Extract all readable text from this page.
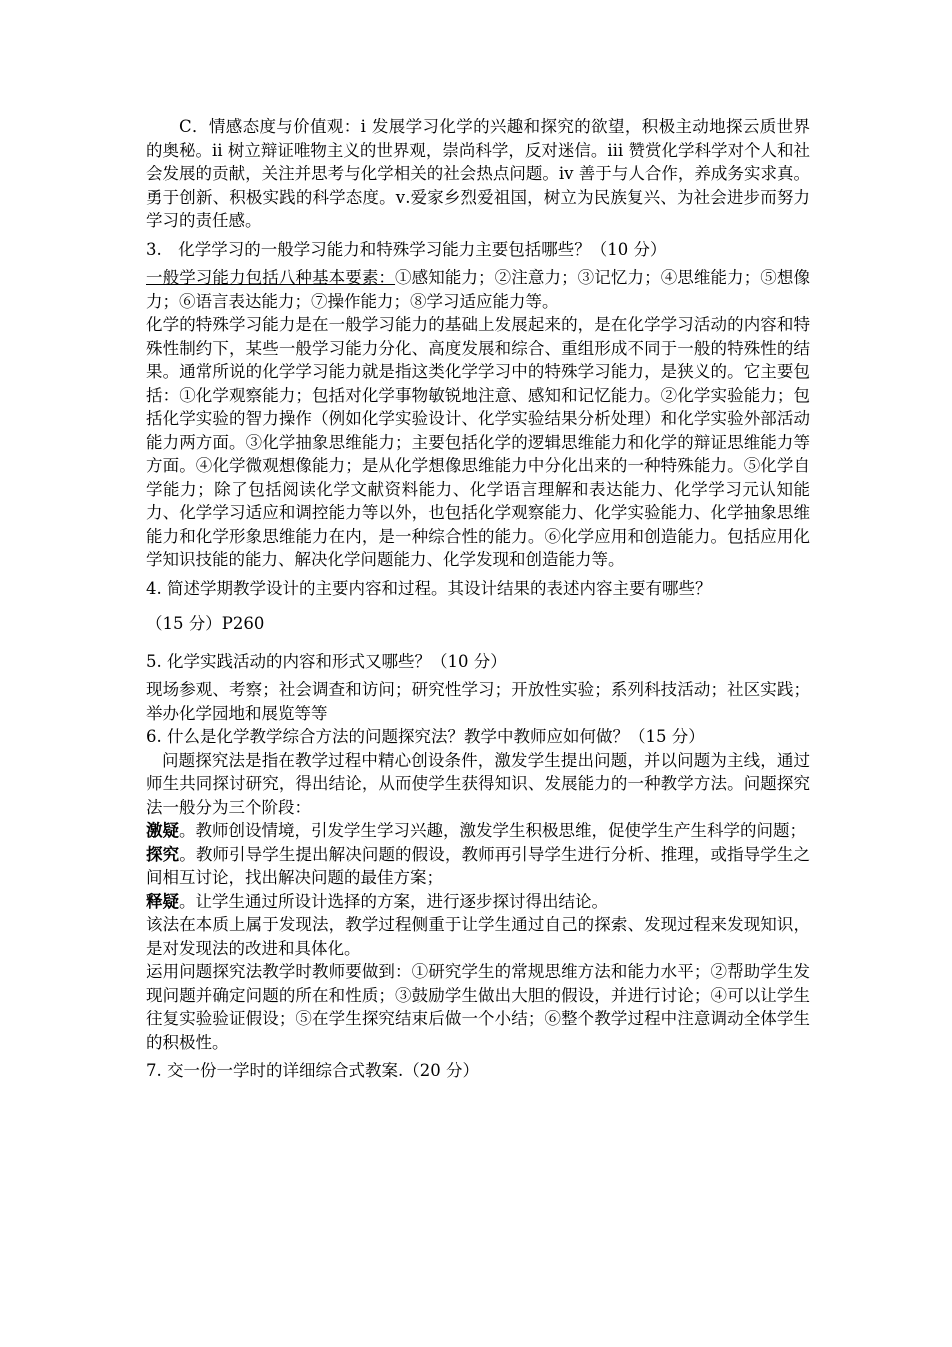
C．情感态度与价值观：ⅰ 发展学习化学的兴趣和探究的欲望，积极主动地探云质世界的奥秘。ⅱ 树立辩证唯物主义的世界观，崇尚科学，反对迷信。ⅲ 赞赏化学科学对个人和社会发展的贡献，关注并思考与化学相关的社会热点问题。ⅳ 善于与人合作，养成务实求真。勇于创新、积极实践的科学态度。ⅴ.爱家乡烈爱祖国，树立为民族复兴、为社会进步而努力学习的责任感。

3.　化学学习的一般学习能力和特殊学习能力主要包括哪些？（10 分）

一般学习能力包括八种基本要素：①感知能力；②注意力；③记忆力；④思维能力；⑤想像力；⑥语言表达能力；⑦操作能力；⑧学习适应能力等。

化学的特殊学习能力是在一般学习能力的基础上发展起来的，是在化学学习活动的内容和特殊性制约下，某些一般学习能力分化、高度发展和综合、重组形成不同于一般的特殊性的结果。通常所说的化学学习能力就是指这类化学学习中的特殊学习能力，是狭义的。它主要包括：①化学观察能力；包括对化学事物敏锐地注意、感知和记忆能力。②化学实验能力；包括化学实验的智力操作（例如化学实验设计、化学实验结果分析处理）和化学实验外部活动能力两方面。③化学抽象思维能力；主要包括化学的逻辑思维能力和化学的辩证思维能力等方面。④化学微观想像能力；是从化学想像思维能力中分化出来的一种特殊能力。⑤化学自学能力；除了包括阅读化学文献资料能力、化学语言理解和表达能力、化学学习元认知能力、化学学习适应和调控能力等以外，也包括化学观察能力、化学实验能力、化学抽象思维能力和化学形象思维能力在内，是一种综合性的能力。⑥化学应用和创造能力。包括应用化学知识技能的能力、解决化学问题能力、化学发现和创造能力等。

4. 简述学期教学设计的主要内容和过程。其设计结果的表述内容主要有哪些？

（15 分）P260

5. 化学实践活动的内容和形式又哪些？（10 分）

现场参观、考察；社会调查和访问；研究性学习；开放性实验；系列科技活动；社区实践；举办化学园地和展览等等

6. 什么是化学教学综合方法的问题探究法？教学中教师应如何做？（15 分）

问题探究法是指在教学过程中精心创设条件，激发学生提出问题，并以问题为主线，通过师生共同探讨研究，得出结论，从而使学生获得知识、发展能力的一种教学方法。问题探究法一般分为三个阶段：

激疑。教师创设情境，引发学生学习兴趣，激发学生积极思维，促使学生产生科学的问题；

探究。教师引导学生提出解决问题的假设，教师再引导学生进行分析、推理，或指导学生之间相互讨论，找出解决问题的最佳方案；

释疑。让学生通过所设计选择的方案，进行逐步探讨得出结论。

该法在本质上属于发现法，教学过程侧重于让学生通过自己的探索、发现过程来发现知识，是对发现法的改进和具体化。

运用问题探究法教学时教师要做到：①研究学生的常规思维方法和能力水平；②帮助学生发现问题并确定问题的所在和性质；③鼓励学生做出大胆的假设，并进行讨论；④可以让学生往复实验验证假设；⑤在学生探究结束后做一个小结；⑥整个教学过程中注意调动全体学生的积极性。

7. 交一份一学时的详细综合式教案.（20 分）
